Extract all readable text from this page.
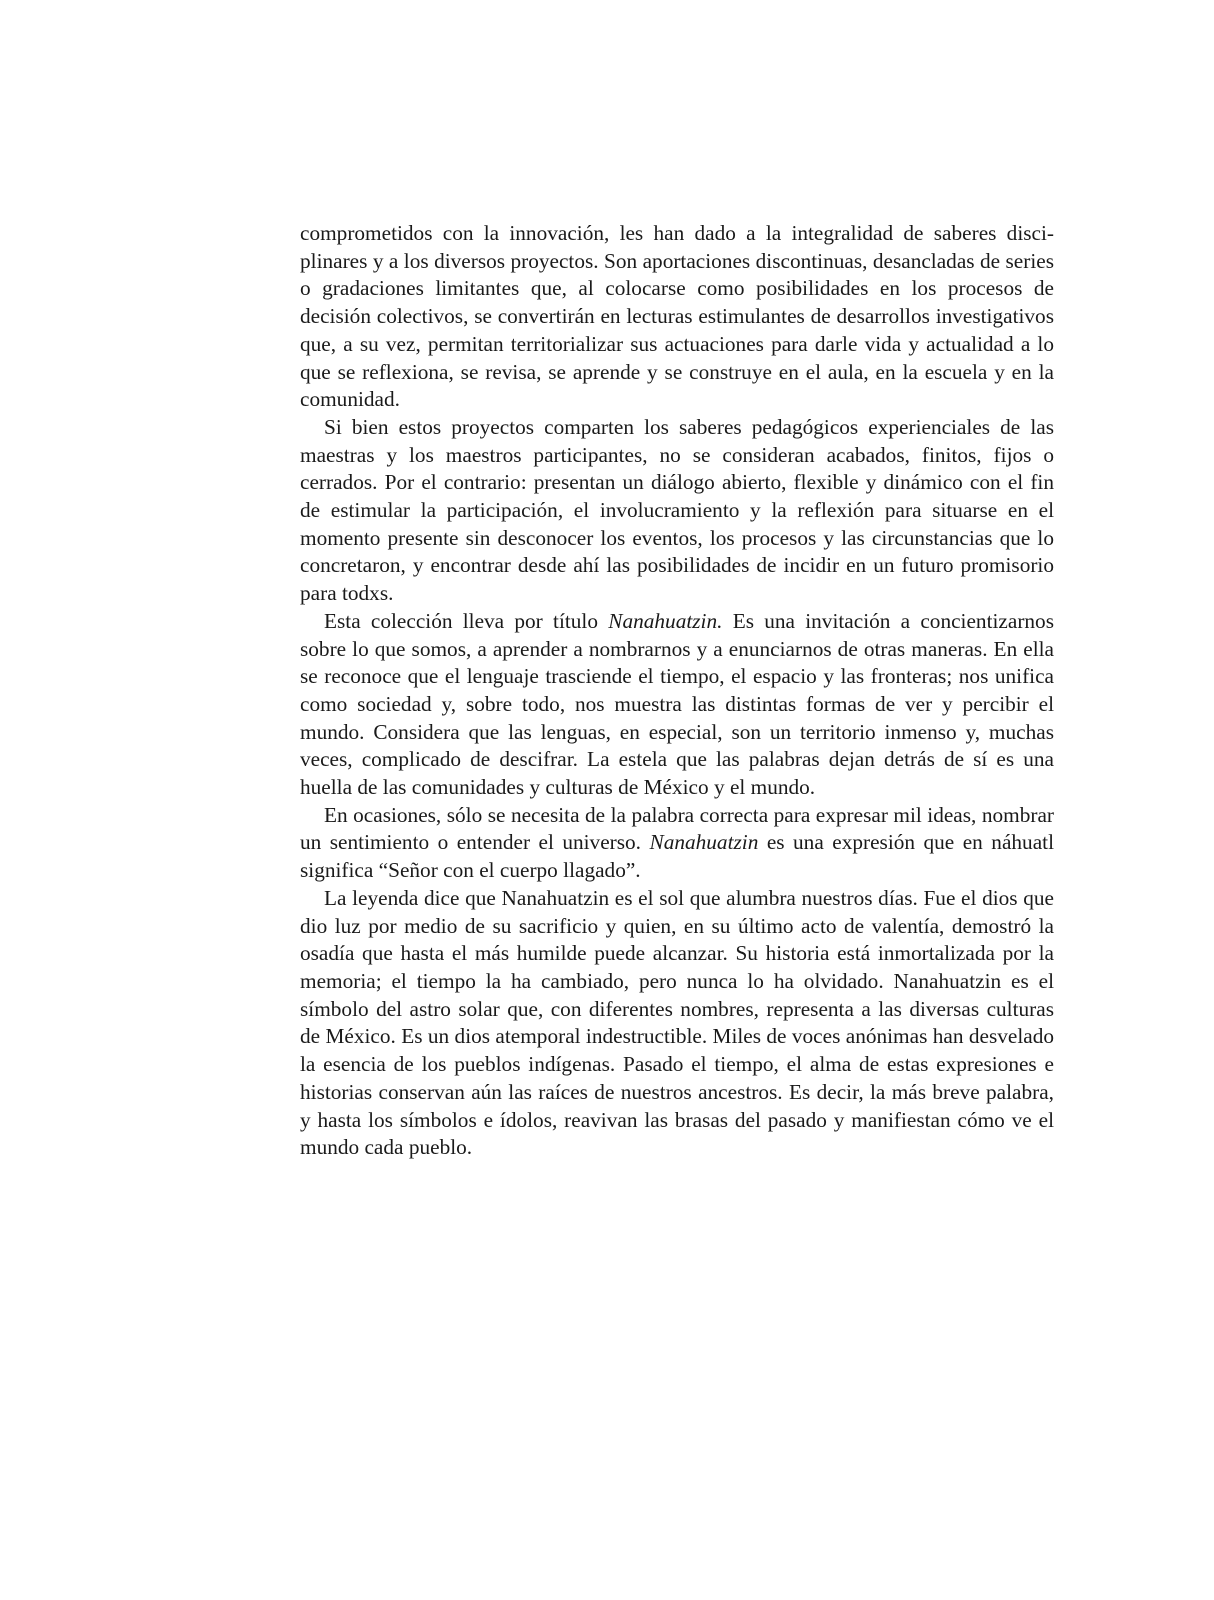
comprometidos con la innovación, les han dado a la integralidad de saberes disciplinares y a los diversos proyectos. Son aportaciones discontinuas, desancladas de series o gradaciones limitantes que, al colocarse como posibilidades en los procesos de decisión colectivos, se convertirán en lecturas estimulantes de desarrollos investigativos que, a su vez, permitan territorializar sus actuaciones para darle vida y actualidad a lo que se reflexiona, se revisa, se aprende y se construye en el aula, en la escuela y en la comunidad.

Si bien estos proyectos comparten los saberes pedagógicos experienciales de las maestras y los maestros participantes, no se consideran acabados, finitos, fijos o cerrados. Por el contrario: presentan un diálogo abierto, flexible y dinámico con el fin de estimular la participación, el involucramiento y la reflexión para situarse en el momento presente sin desconocer los eventos, los procesos y las circunstancias que lo concretaron, y encontrar desde ahí las posibilidades de incidir en un futuro promisorio para todxs.

Esta colección lleva por título Nanahuatzin. Es una invitación a concientizarnos sobre lo que somos, a aprender a nombrarnos y a enunciarnos de otras maneras. En ella se reconoce que el lenguaje trasciende el tiempo, el espacio y las fronteras; nos unifica como sociedad y, sobre todo, nos muestra las distintas formas de ver y percibir el mundo. Considera que las lenguas, en especial, son un territorio inmenso y, muchas veces, complicado de descifrar. La estela que las palabras dejan detrás de sí es una huella de las comunidades y culturas de México y el mundo.

En ocasiones, sólo se necesita de la palabra correcta para expresar mil ideas, nombrar un sentimiento o entender el universo. Nanahuatzin es una expresión que en náhuatl significa “Señor con el cuerpo llagado”.

La leyenda dice que Nanahuatzin es el sol que alumbra nuestros días. Fue el dios que dio luz por medio de su sacrificio y quien, en su último acto de valentía, demostró la osadía que hasta el más humilde puede alcanzar. Su historia está inmortalizada por la memoria; el tiempo la ha cambiado, pero nunca lo ha olvidado. Nanahuatzin es el símbolo del astro solar que, con diferentes nombres, representa a las diversas culturas de México. Es un dios atemporal indestructible. Miles de voces anónimas han desvelado la esencia de los pueblos indígenas. Pasado el tiempo, el alma de estas expresiones e historias conservan aún las raíces de nuestros ancestros. Es decir, la más breve palabra, y hasta los símbolos e ídolos, reavivan las brasas del pasado y manifiestan cómo ve el mundo cada pueblo.
